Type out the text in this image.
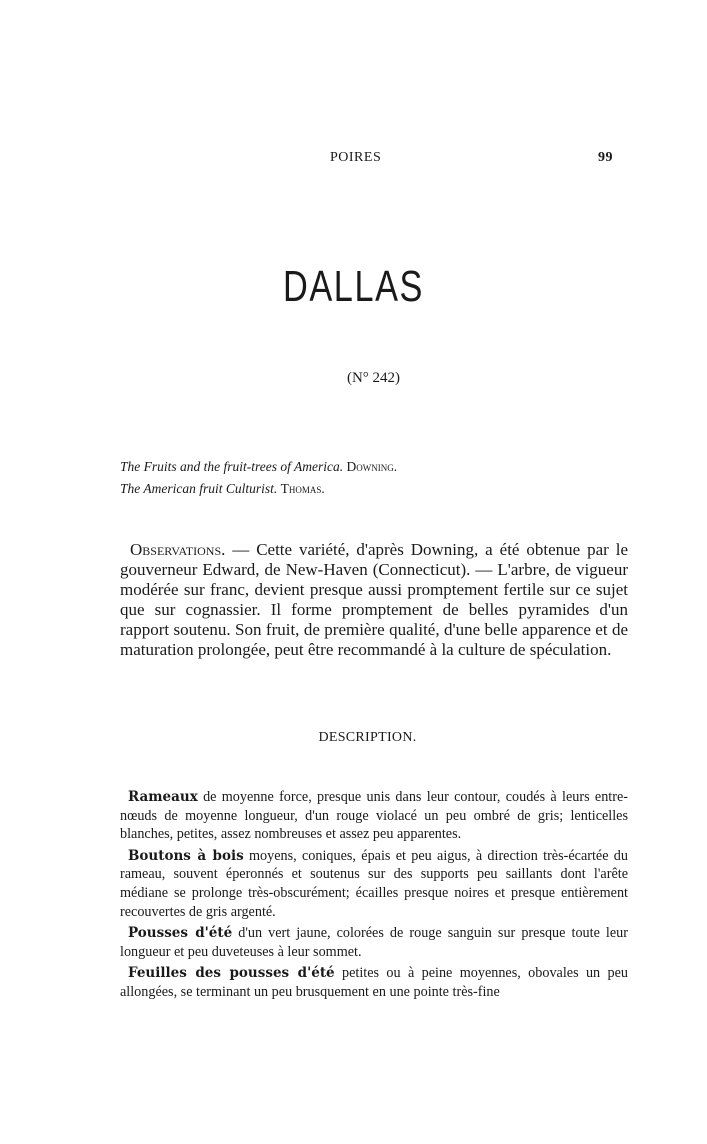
POIRES	99
DALLAS
(N° 242)
The Fruits and the fruit-trees of America. Downing.
The American fruit Culturist. Thomas.

Observations. — Cette variété, d'après Downing, a été obtenue par le gouverneur Edward, de New-Haven (Connecticut). — L'arbre, de vigueur modérée sur franc, devient presque aussi promptement fertile sur ce sujet que sur cognassier. Il forme promptement de belles pyramides d'un rapport soutenu. Son fruit, de première qualité, d'une belle apparence et de maturation prolongée, peut être recommandé à la culture de spéculation.

DESCRIPTION.

Rameaux de moyenne force, presque unis dans leur contour, coudés à leurs entre-nœuds de moyenne longueur, d'un rouge violacé un peu ombré de gris; lenticelles blanches, petites, assez nombreuses et assez peu apparentes.

Boutons à bois moyens, coniques, épais et peu aigus, à direction très-écartée du rameau, souvent éperonnés et soutenus sur des supports peu saillants dont l'arête médiane se prolonge très-obscurément; écailles presque noires et presque entièrement recouvertes de gris argenté.

Pousses d'été d'un vert jaune, colorées de rouge sanguin sur presque toute leur longueur et peu duveteuses à leur sommet.

Feuilles des pousses d'été petites ou à peine moyennes, obovales un peu allongées, se terminant un peu brusquement en une pointe très-fine
